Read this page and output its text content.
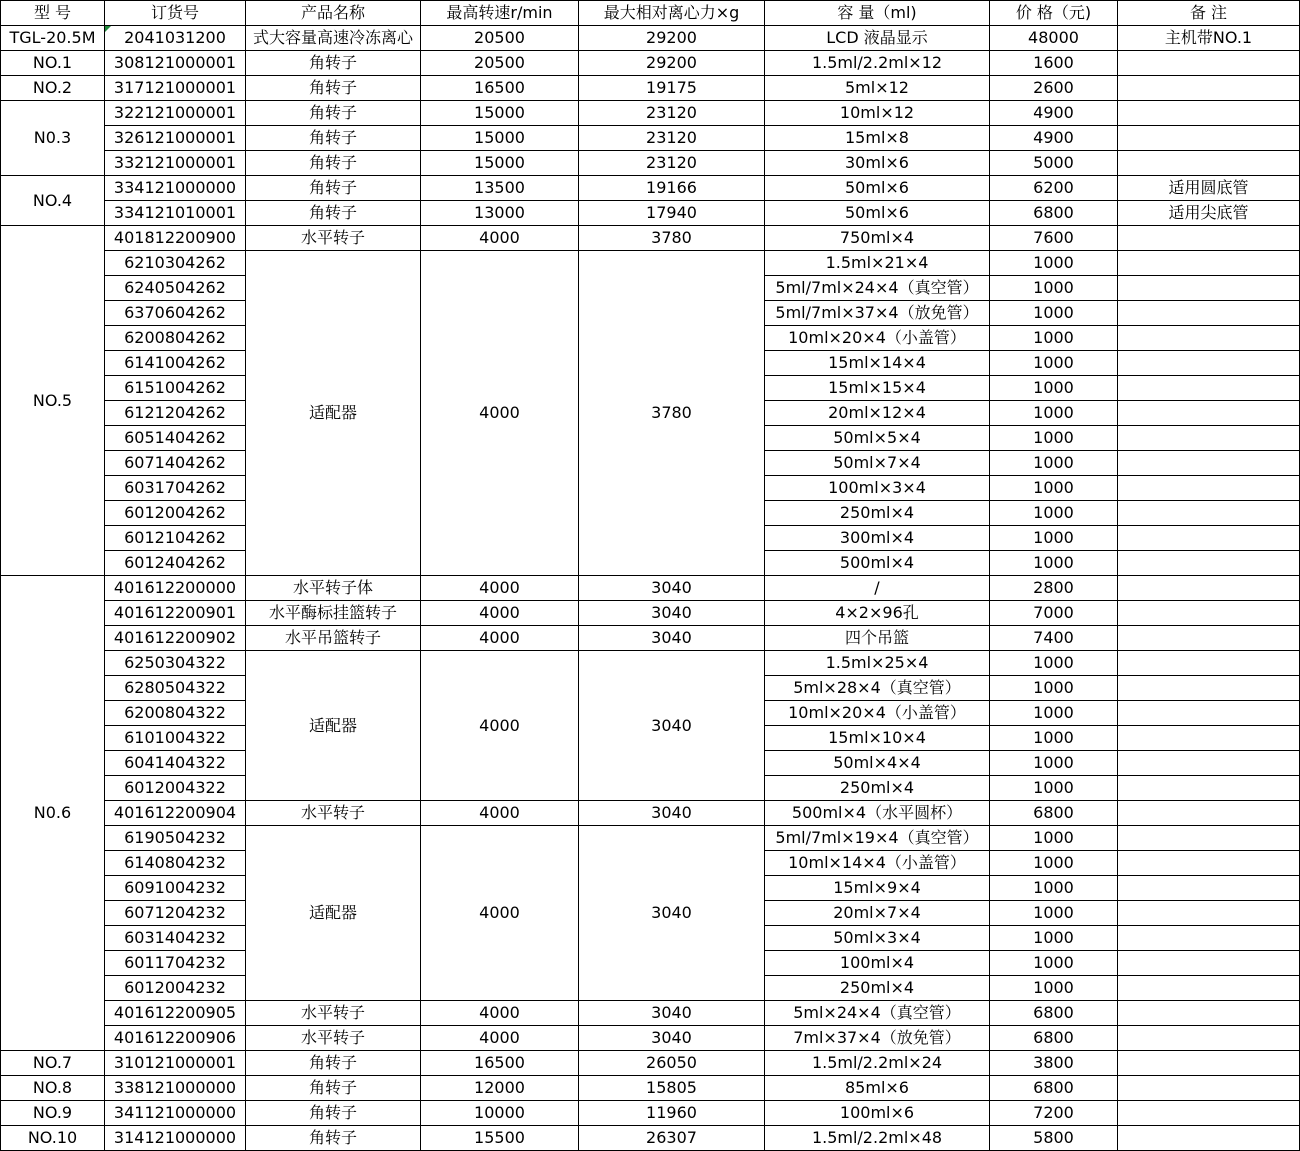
型 号	订货号	产品名称	最高转速r/min	最大相对离心力×g	容 量（ml)	价 格（元)	备 注
TGL-20.5M	2041031200	式大容量高速冷冻离心	20500	29200	LCD 液晶显示	48000	主机带NO.1
NO.1	308121000001	角转子	20500	29200	1.5ml/2.2ml×12	1600	
NO.2	317121000001	角转子	16500	19175	5ml×12	2600	
N0.3	322121000001	角转子	15000	23120	10ml×12	4900	
	326121000001	角转子	15000	23120	15ml×8	4900	
	332121000001	角转子	15000	23120	30ml×6	5000	
NO.4	334121000000	角转子	13500	19166	50ml×6	6200	适用圆底管
	334121010001	角转子	13000	17940	50ml×6	6800	适用尖底管
NO.5	401812200900	水平转子	4000	3780	750ml×4	7600	
	6210304262	适配器	4000	3780	1.5ml×21×4	1000	
	6240504262				5ml/7ml×24×4（真空管）	1000	
	6370604262				5ml/7ml×37×4（放免管）	1000	
	6200804262				10ml×20×4（小盖管）	1000	
	6141004262				15ml×14×4	1000	
	6151004262				15ml×15×4	1000	
	6121204262				20ml×12×4	1000	
	6051404262				50ml×5×4	1000	
	6071404262				50ml×7×4	1000	
	6031704262				100ml×3×4	1000	
	6012004262				250ml×4	1000	
	6012104262				300ml×4	1000	
	6012404262				500ml×4	1000	
N0.6	401612200000	水平转子体	4000	3040	/	2800	
	401612200901	水平酶标挂篮转子	4000	3040	4×2×96孔	7000	
	401612200902	水平吊篮转子	4000	3040	四个吊篮	7400	
	6250304322	适配器	4000	3040	1.5ml×25×4	1000	
	6280504322				5ml×28×4（真空管）	1000	
	6200804322				10ml×20×4（小盖管）	1000	
	6101004322				15ml×10×4	1000	
	6041404322				50ml×4×4	1000	
	6012004322				250ml×4	1000	
	401612200904	水平转子	4000	3040	500ml×4（水平圆杯）	6800	
	6190504232	适配器	4000	3040	5ml/7ml×19×4（真空管）	1000	
	6140804232				10ml×14×4（小盖管）	1000	
	6091004232				15ml×9×4	1000	
	6071204232				20ml×7×4	1000	
	6031404232				50ml×3×4	1000	
	6011704232				100ml×4	1000	
	6012004232				250ml×4	1000	
	401612200905	水平转子	4000	3040	5ml×24×4（真空管）	6800	
	401612200906	水平转子	4000	3040	7ml×37×4（放免管）	6800	
NO.7	310121000001	角转子	16500	26050	1.5ml/2.2ml×24	3800	
NO.8	338121000000	角转子	12000	15805	85ml×6	6800	
NO.9	341121000000	角转子	10000	11960	100ml×6	7200	
NO.10	314121000000	角转子	15500	26307	1.5ml/2.2ml×48	5800	
